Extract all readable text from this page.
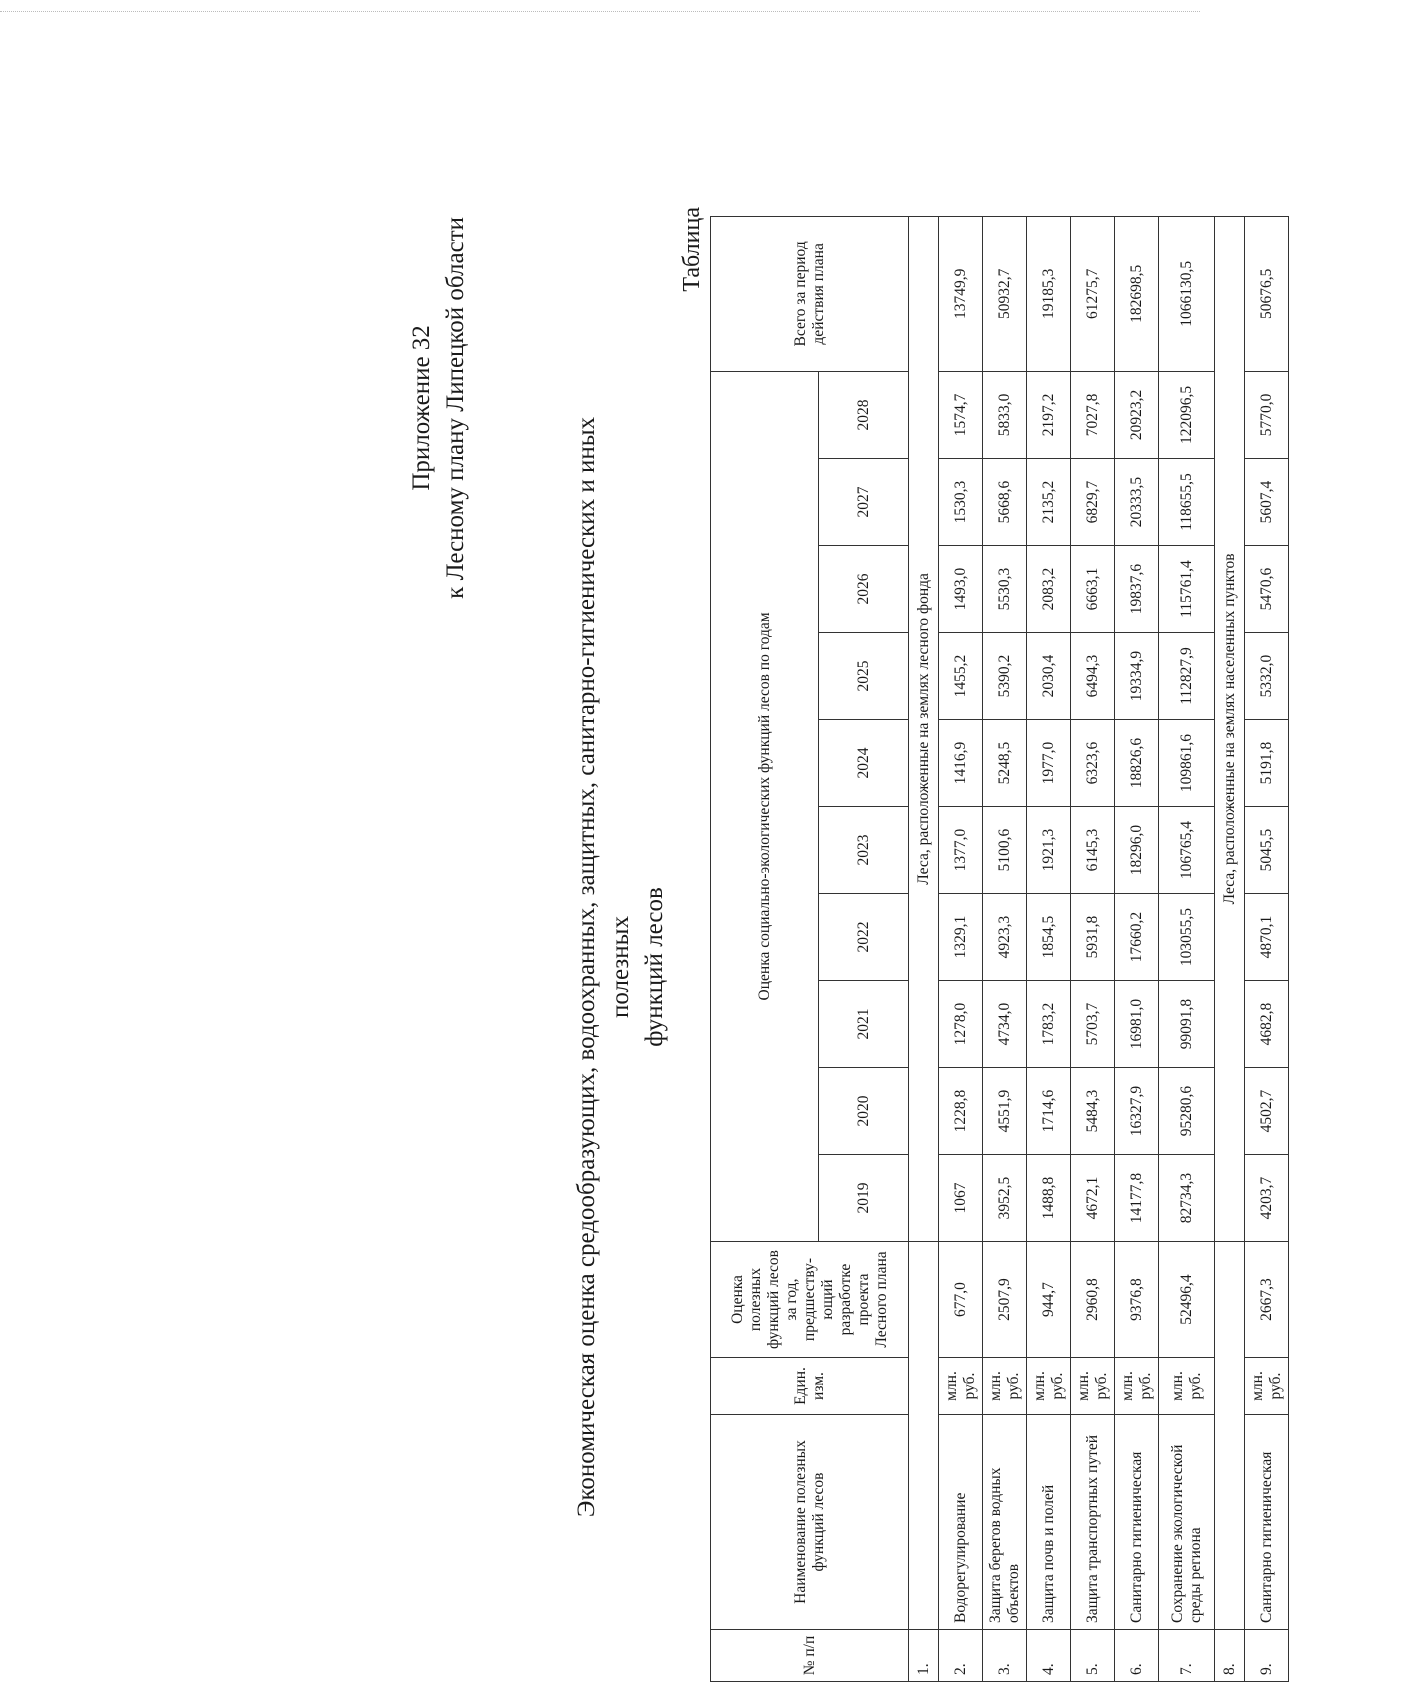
Приложение 32 к Лесному плану Липецкой области
Экономическая оценка средообразующих, водоохранных, защитных, санитарно-гигиенических и иных полезных функций лесов
Таблица
№ п/п	Наименование полезных функций лесов	Един. изм.	Оценка полезных функций лесов за год, предшеству-ющий разработке проекта Лесного плана	Оценка социально-экологических функций лесов по годам										Всего за период действия плана
				2019	2020	2021	2022	2023	2024	2025	2026	2027	2028	
1.				Леса, расположенные на землях лесного фонда										
2.	Водорегулирование	млн. руб.	677,0	1067	1228,8	1278,0	1329,1	1377,0	1416,9	1455,2	1493,0	1530,3	1574,7	13749,9
3.	Защита берегов водных объектов	млн. руб.	2507,9	3952,5	4551,9	4734,0	4923,3	5100,6	5248,5	5390,2	5530,3	5668,6	5833,0	50932,7
4.	Защита почв и полей	млн. руб.	944,7	1488,8	1714,6	1783,2	1854,5	1921,3	1977,0	2030,4	2083,2	2135,2	2197,2	19185,3
5.	Защита транспортных путей	млн. руб.	2960,8	4672,1	5484,3	5703,7	5931,8	6145,3	6323,6	6494,3	6663,1	6829,7	7027,8	61275,7
6.	Санитарно гигиеническая	млн. руб.	9376,8	14177,8	16327,9	16981,0	17660,2	18296,0	18826,6	19334,9	19837,6	20333,5	20923,2	182698,5
7.	Сохранение экологической среды региона	млн. руб.	52496,4	82734,3	95280,6	99091,8	103055,5	106765,4	109861,6	112827,9	115761,4	118655,5	122096,5	1066130,5
8.				Леса, расположенные на землях населенных пунктов										
9.	Санитарно гигиеническая	млн. руб.	2667,3	4203,7	4502,7	4682,8	4870,1	5045,5	5191,8	5332,0	5470,6	5607,4	5770,0	50676,5
